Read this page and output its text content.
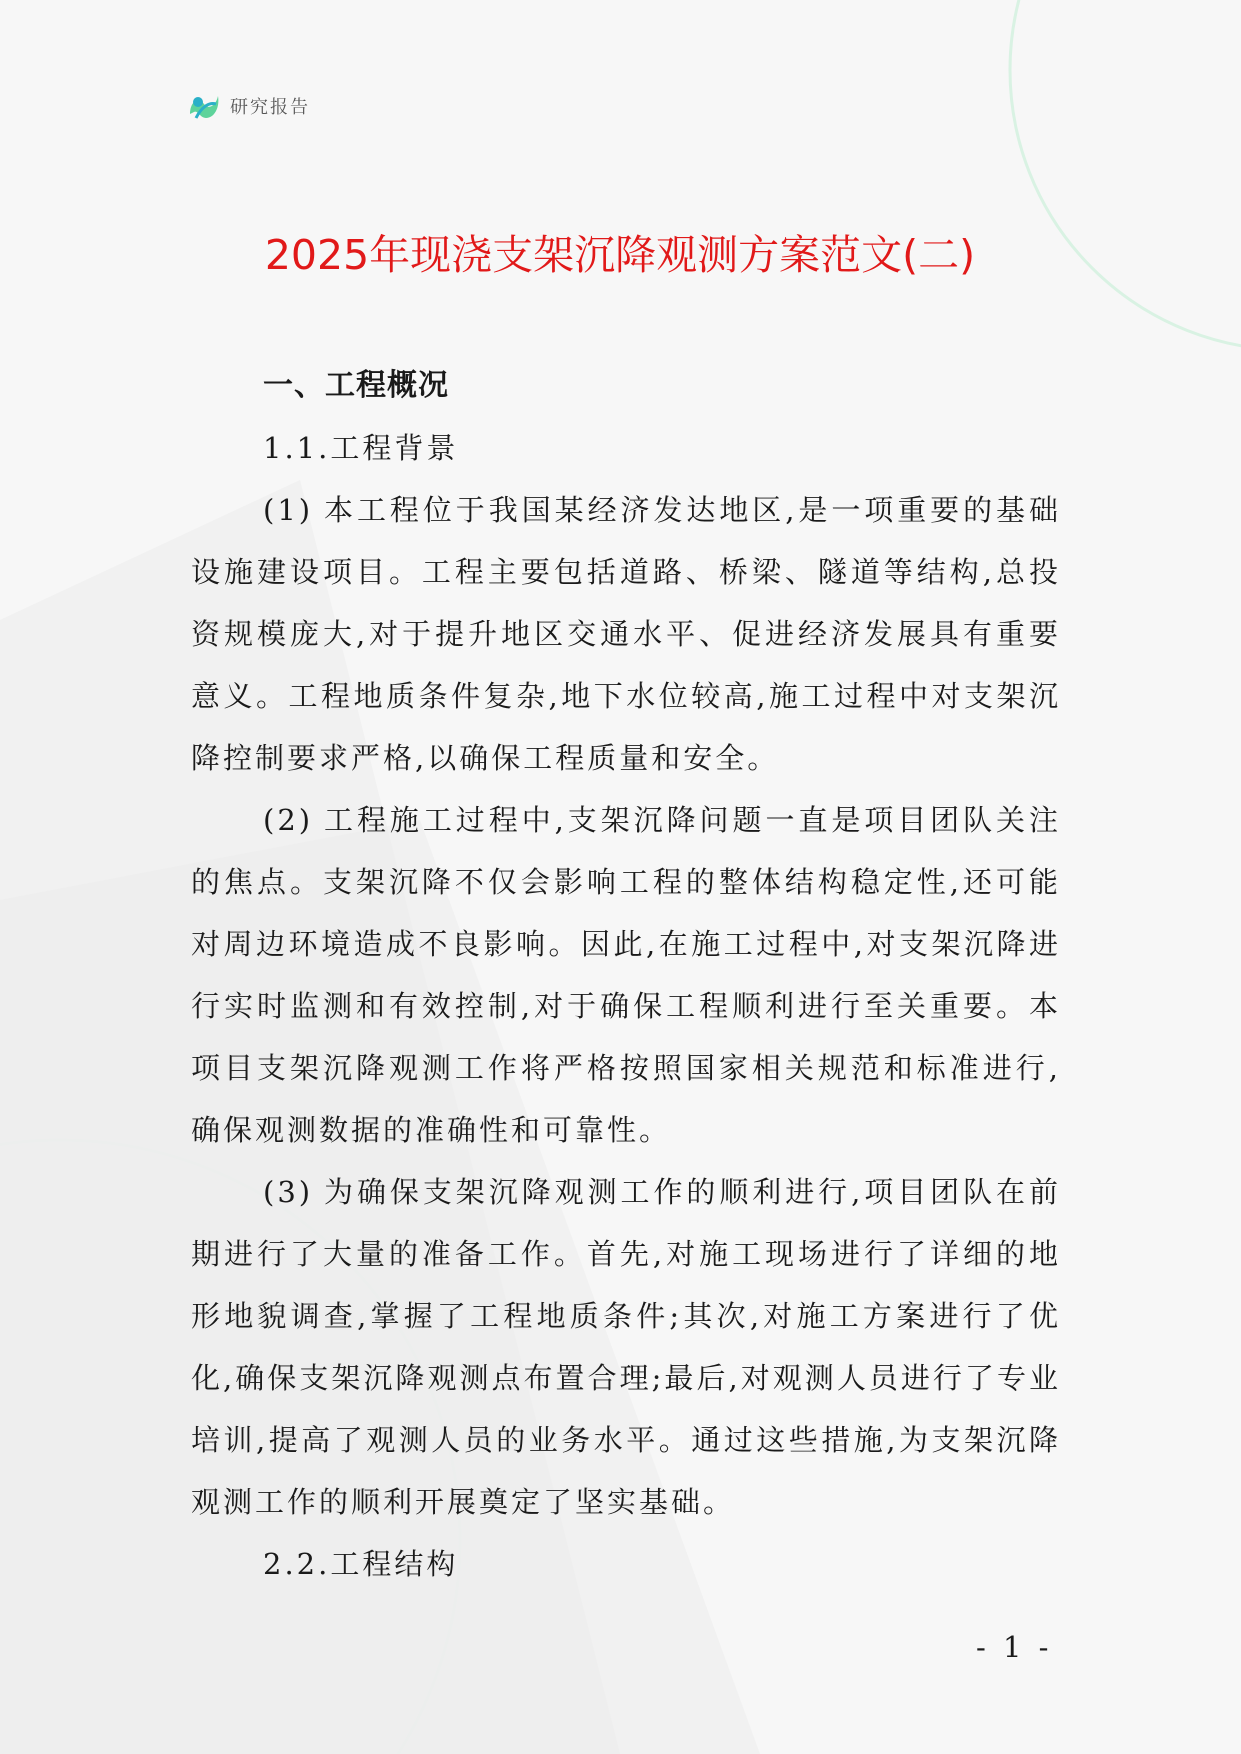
研究报告
2025年现浇支架沉降观测方案范文(二)

一、工程概况

1.1.工程背景

(1) 本工程位于我国某经济发达地区,是一项重要的基础设施建设项目。工程主要包括道路、桥梁、隧道等结构,总投资规模庞大,对于提升地区交通水平、促进经济发展具有重要意义。工程地质条件复杂,地下水位较高,施工过程中对支架沉降控制要求严格,以确保工程质量和安全。

(2) 工程施工过程中,支架沉降问题一直是项目团队关注的焦点。支架沉降不仅会影响工程的整体结构稳定性,还可能对周边环境造成不良影响。因此,在施工过程中,对支架沉降进行实时监测和有效控制,对于确保工程顺利进行至关重要。本项目支架沉降观测工作将严格按照国家相关规范和标准进行,确保观测数据的准确性和可靠性。

(3) 为确保支架沉降观测工作的顺利进行,项目团队在前期进行了大量的准备工作。首先,对施工现场进行了详细的地形地貌调查,掌握了工程地质条件;其次,对施工方案进行了优化,确保支架沉降观测点布置合理;最后,对观测人员进行了专业培训,提高了观测人员的业务水平。通过这些措施,为支架沉降观测工作的顺利开展奠定了坚实基础。

2.2.工程结构

- 1 -
